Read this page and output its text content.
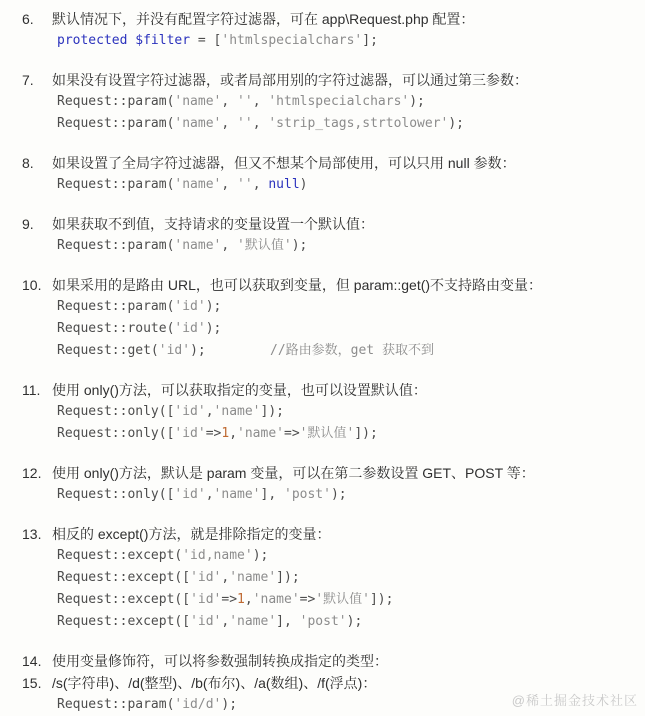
6.	默认情况下，并没有配置字符过滤器，可在 app\Request.php 配置：
protected $filter = ['htmlspecialchars'];
7.	如果没有设置字符过滤器，或者局部用别的字符过滤器，可以通过第三参数：
Request::param('name', '', 'htmlspecialchars');
Request::param('name', '', 'strip_tags,strtolower');
8.	如果设置了全局字符过滤器，但又不想某个局部使用，可以只用 null 参数：
Request::param('name', '', null)
9.	如果获取不到值，支持请求的变量设置一个默认值：
Request::param('name', '默认值');
10. 如果采用的是路由 URL，也可以获取到变量，但 param::get()不支持路由变量：
Request::param('id');
Request::route('id');
Request::get('id');	//路由参数，get 获取不到
11. 使用 only()方法，可以获取指定的变量，也可以设置默认值：
Request::only(['id','name']);
Request::only(['id'=>1,'name'=>'默认值']);
12. 使用 only()方法，默认是 param 变量，可以在第二参数设置 GET、POST 等：
Request::only(['id','name'], 'post');
13. 相反的 except()方法，就是排除指定的变量：
Request::except('id,name');
Request::except(['id','name']);
Request::except(['id'=>1,'name'=>'默认值']);
Request::except(['id','name'], 'post');
14. 使用变量修饰符，可以将参数强制转换成指定的类型：
15. /s(字符串)、/d(整型)、/b(布尔)、/a(数组)、/f(浮点)：
Request::param('id/d');	@稀土掘金技术社区
